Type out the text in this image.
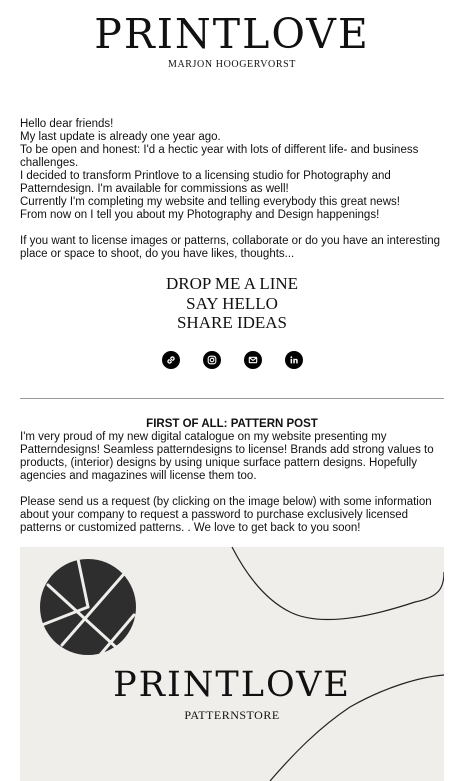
PRINTLOVE
MARJON HOOGERVORST

Hello dear friends!

My last update is already one year ago.

To be open and honest: I'd a hectic year with lots of different life- and business challenges.

I decided to transform Printlove to a licensing studio for Photography and Patterndesign. I'm available for commissions as well!

Currently I'm completing my website and telling everybody this great news!

From now on I tell you about my Photography and Design happenings!

If you want to license images or patterns, collaborate or do you have an interesting place or space to shoot, do you have likes, thoughts...

DROP ME A LINE
SAY HELLO
SHARE IDEAS
FIRST OF ALL: PATTERN POST

I'm very proud of my new digital catalogue on my website presenting my Patterndesigns! Seamless patterndesigns to license! Brands add strong values to products, (interior) designs by using unique surface pattern designs. Hopefully agencies and magazines will license them too.

Please send us a request (by clicking on the image below) with some information about your company to request a password to purchase exclusively licensed patterns or customized patterns. . We love to get back to you soon!

PRINTLOVE
PATTERNSTORE
